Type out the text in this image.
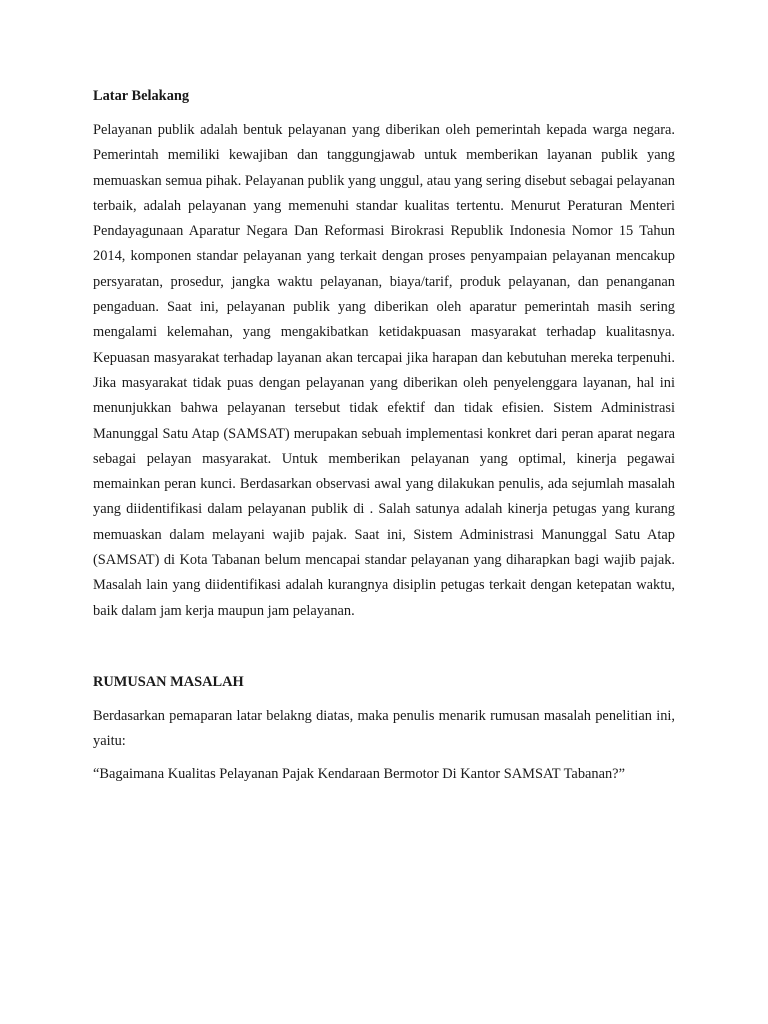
Latar Belakang

Pelayanan publik adalah bentuk pelayanan yang diberikan oleh pemerintah kepada warga negara. Pemerintah memiliki kewajiban dan tanggungjawab untuk memberikan layanan publik yang memuaskan semua pihak. Pelayanan publik yang unggul, atau yang sering disebut sebagai pelayanan terbaik, adalah pelayanan yang memenuhi standar kualitas tertentu. Menurut Peraturan Menteri Pendayagunaan Aparatur Negara Dan Reformasi Birokrasi Republik Indonesia Nomor 15 Tahun 2014, komponen standar pelayanan yang terkait dengan proses penyampaian pelayanan mencakup persyaratan, prosedur, jangka waktu pelayanan, biaya/tarif, produk pelayanan, dan penanganan pengaduan. Saat ini, pelayanan publik yang diberikan oleh aparatur pemerintah masih sering mengalami kelemahan, yang mengakibatkan ketidakpuasan masyarakat terhadap kualitasnya. Kepuasan masyarakat terhadap layanan akan tercapai jika harapan dan kebutuhan mereka terpenuhi. Jika masyarakat tidak puas dengan pelayanan yang diberikan oleh penyelenggara layanan, hal ini menunjukkan bahwa pelayanan tersebut tidak efektif dan tidak efisien. Sistem Administrasi Manunggal Satu Atap (SAMSAT) merupakan sebuah implementasi konkret dari peran aparat negara sebagai pelayan masyarakat. Untuk memberikan pelayanan yang optimal, kinerja pegawai memainkan peran kunci. Berdasarkan observasi awal yang dilakukan penulis, ada sejumlah masalah yang diidentifikasi dalam pelayanan publik di . Salah satunya adalah kinerja petugas yang kurang memuaskan dalam melayani wajib pajak. Saat ini, Sistem Administrasi Manunggal Satu Atap (SAMSAT) di Kota Tabanan belum mencapai standar pelayanan yang diharapkan bagi wajib pajak. Masalah lain yang diidentifikasi adalah kurangnya disiplin petugas terkait dengan ketepatan waktu, baik dalam jam kerja maupun jam pelayanan.

RUMUSAN MASALAH

Berdasarkan pemaparan latar belakng diatas, maka penulis menarik rumusan masalah penelitian ini, yaitu:

“Bagaimana Kualitas Pelayanan Pajak Kendaraan Bermotor Di Kantor SAMSAT Tabanan?”
